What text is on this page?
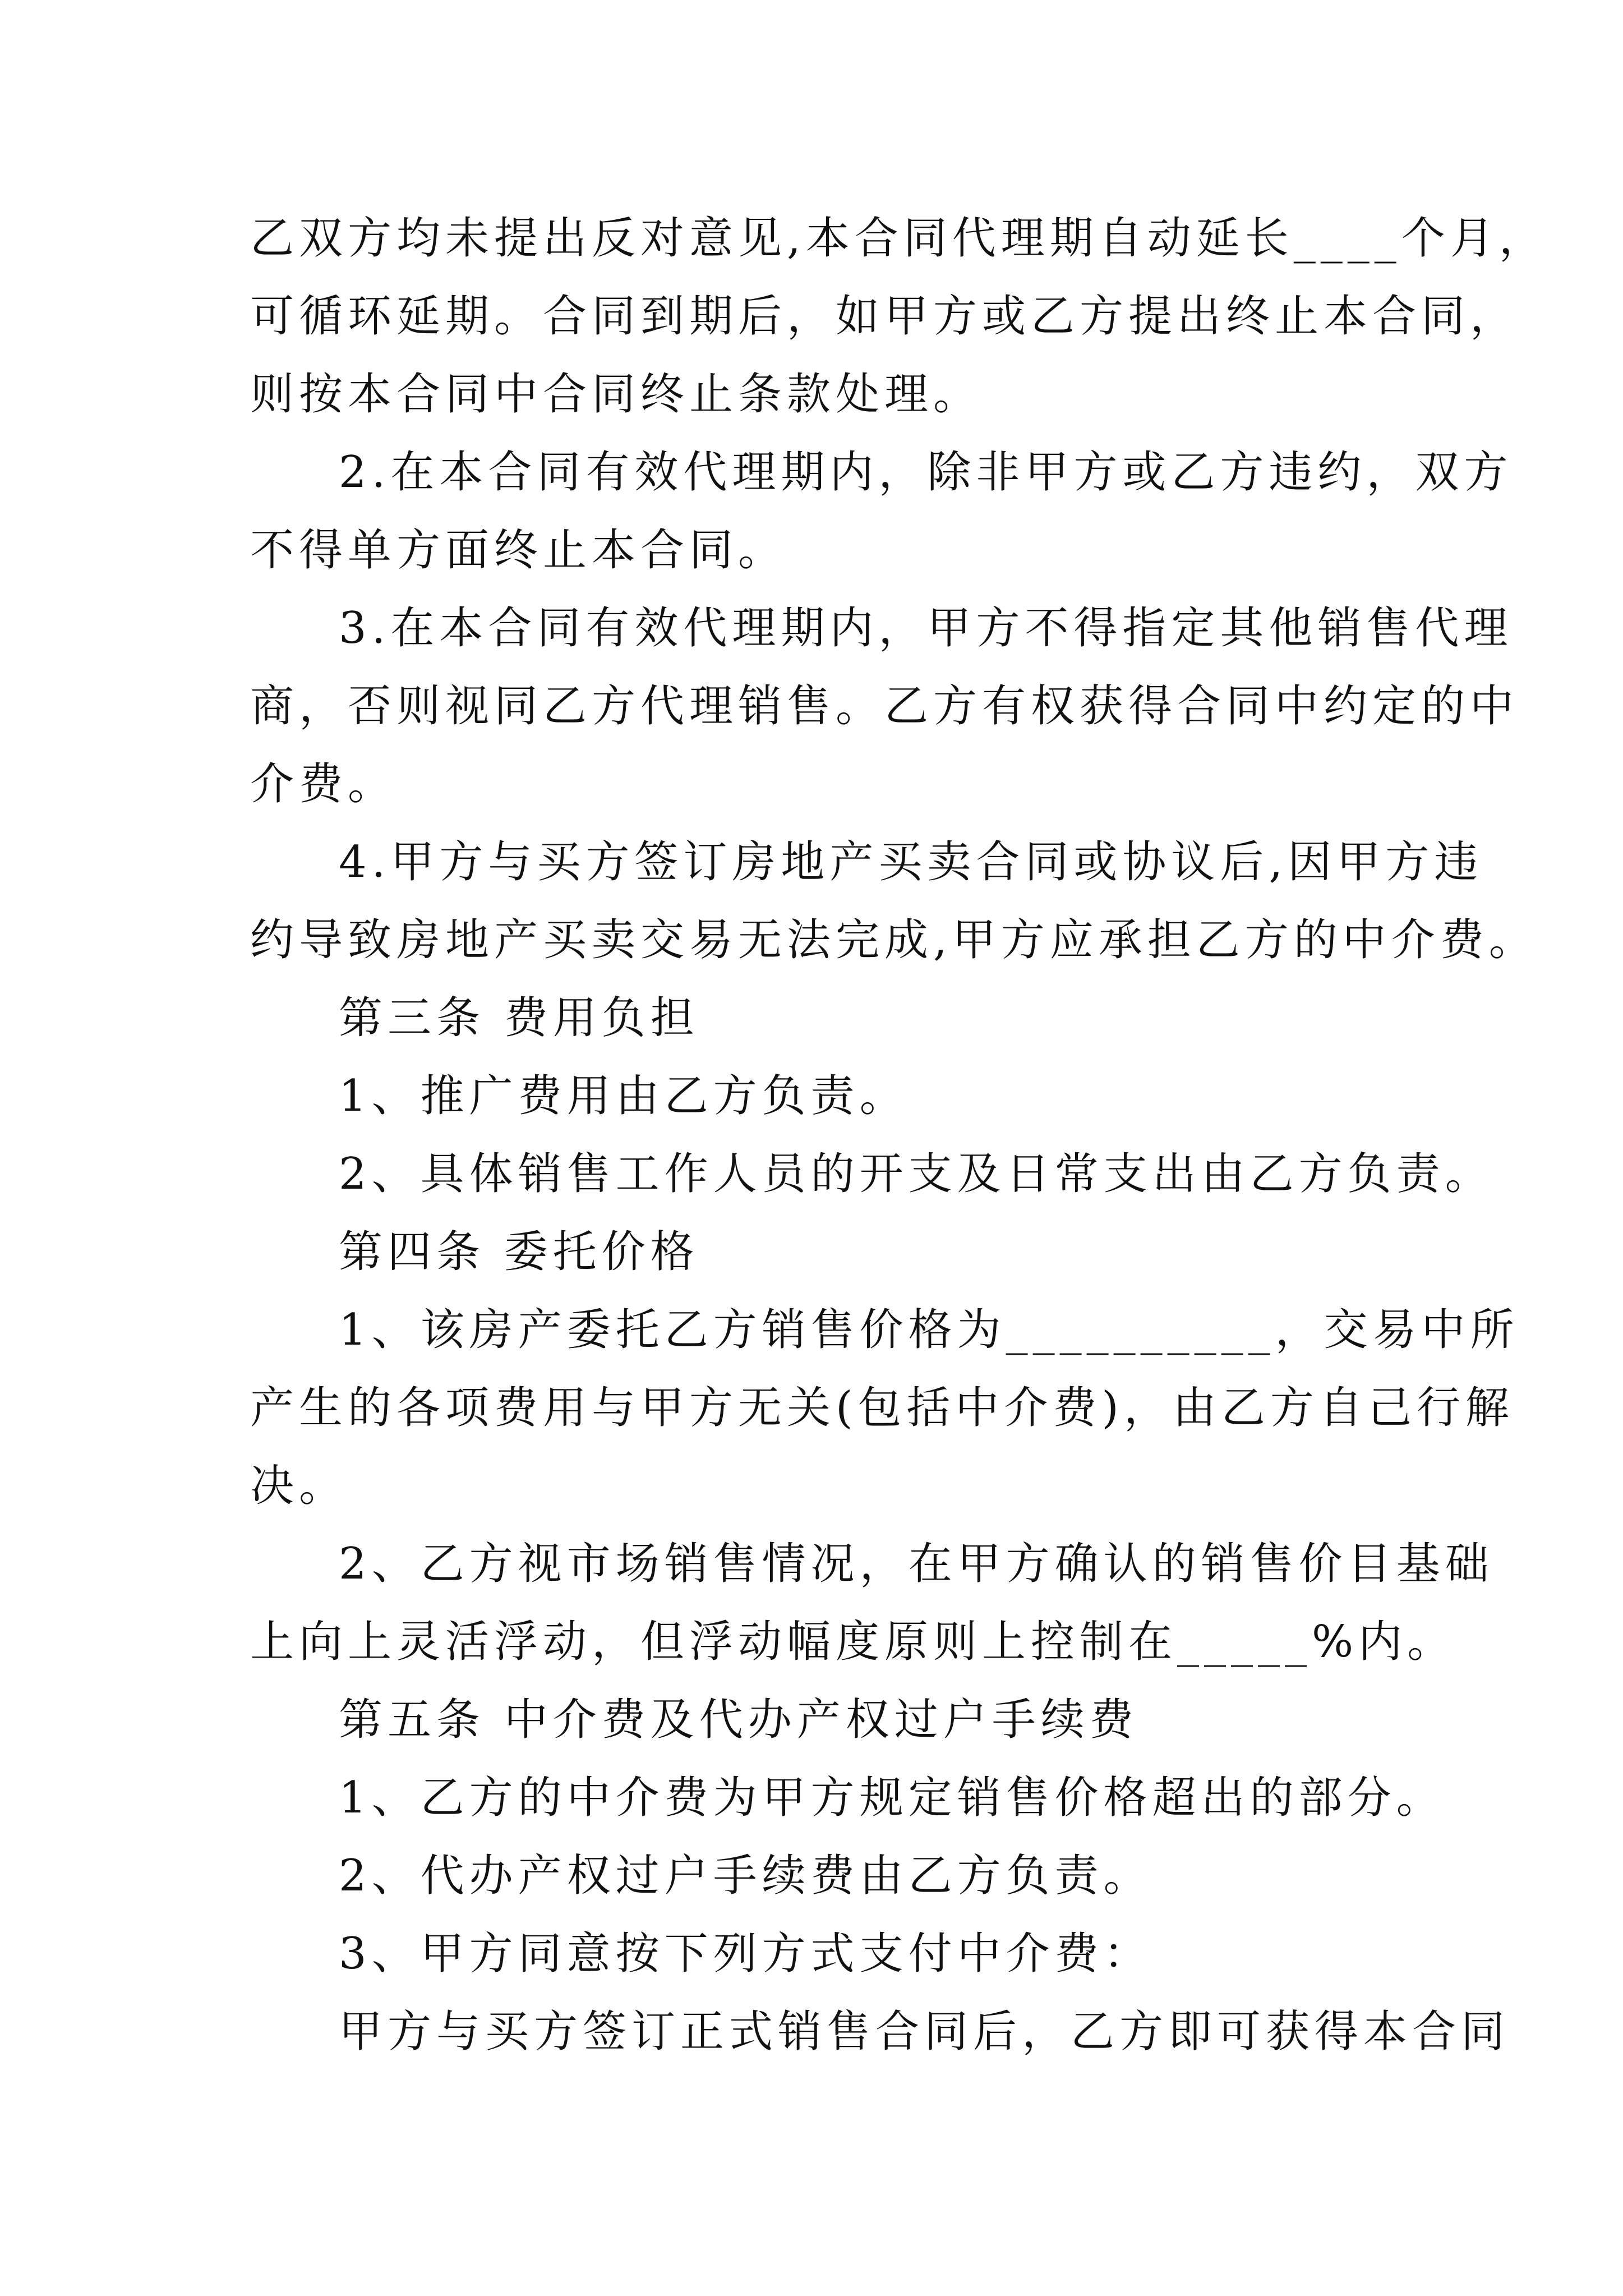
乙双方均未提出反对意见,本合同代理期自动延长____个月，
可循环延期。合同到期后，如甲方或乙方提出终止本合同，
则按本合同中合同终止条款处理。
2.在本合同有效代理期内，除非甲方或乙方违约，双方
不得单方面终止本合同。
3.在本合同有效代理期内，甲方不得指定其他销售代理
商，否则视同乙方代理销售。乙方有权获得合同中约定的中
介费。
4.甲方与买方签订房地产买卖合同或协议后,因甲方违
约导致房地产买卖交易无法完成,甲方应承担乙方的中介费。
第三条 费用负担
1、推广费用由乙方负责。
2、具体销售工作人员的开支及日常支出由乙方负责。
第四条 委托价格
1、该房产委托乙方销售价格为__________，交易中所
产生的各项费用与甲方无关(包括中介费)，由乙方自己行解
决。
2、乙方视市场销售情况，在甲方确认的销售价目基础
上向上灵活浮动，但浮动幅度原则上控制在_____%内。
第五条 中介费及代办产权过户手续费
1、乙方的中介费为甲方规定销售价格超出的部分。
2、代办产权过户手续费由乙方负责。
3、甲方同意按下列方式支付中介费：
甲方与买方签订正式销售合同后，乙方即可获得本合同
